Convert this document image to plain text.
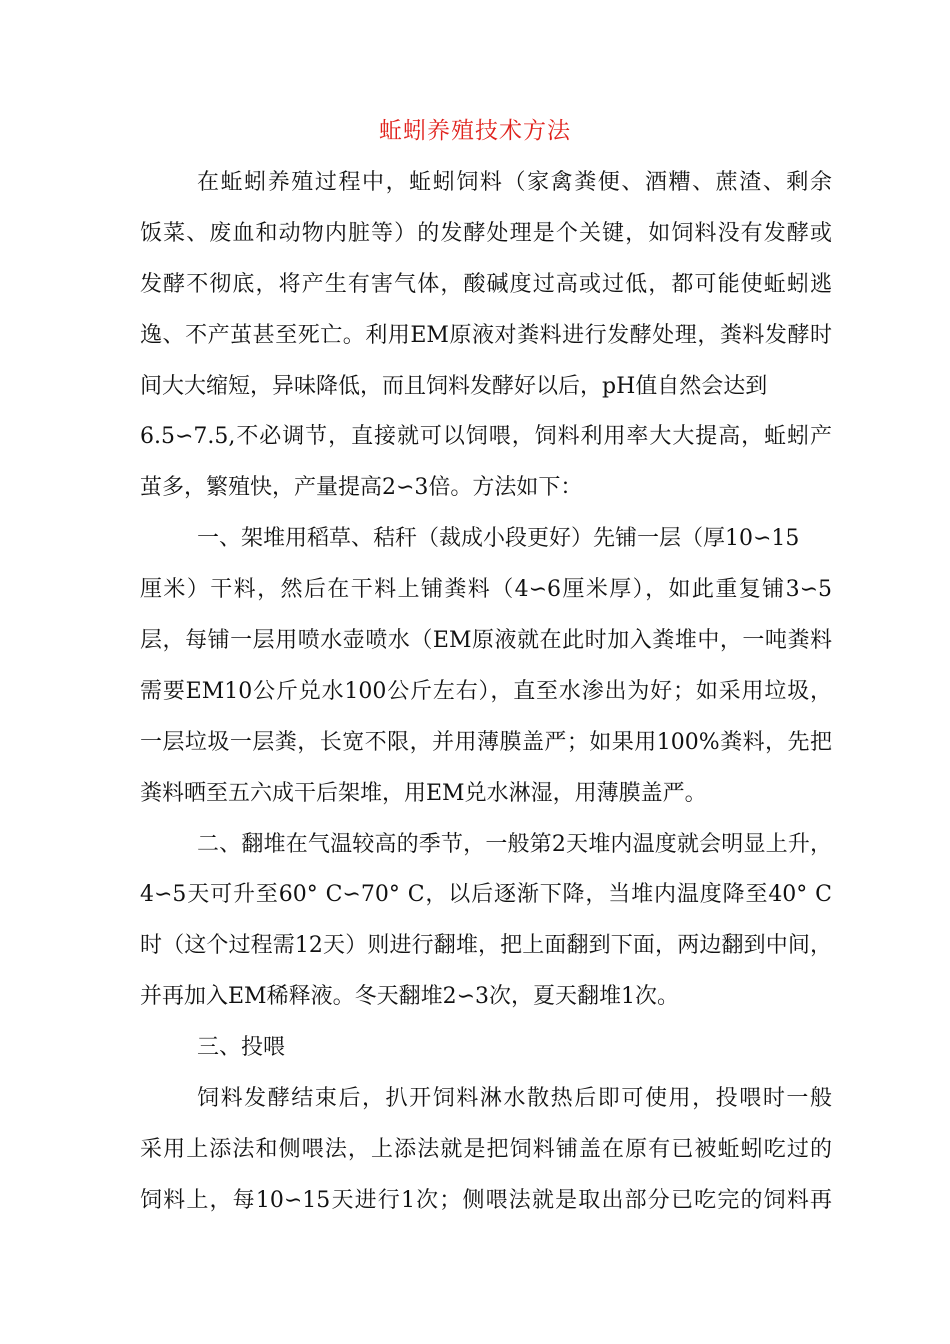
蚯蚓养殖技术方法
在蚯蚓养殖过程中，蚯蚓饲料（家禽粪便、酒糟、蔗渣、剩余
饭菜、废血和动物内脏等）的发酵处理是个关键，如饲料没有发酵或
发酵不彻底，将产生有害气体，酸碱度过高或过低，都可能使蚯蚓逃
逸、不产茧甚至死亡。利用EM原液对粪料进行发酵处理，粪料发酵时
间大大缩短，异味降低，而且饲料发酵好以后，pH值自然会达到
6.5∽7.5,不必调节，直接就可以饲喂，饲料利用率大大提高，蚯蚓产
茧多，繁殖快，产量提高2∽3倍。方法如下：
一、架堆用稻草、秸秆（裁成小段更好）先铺一层（厚10∽15
厘米）干料，然后在干料上铺粪料（4∽6厘米厚），如此重复铺3∽5
层，每铺一层用喷水壶喷水（EM原液就在此时加入粪堆中，一吨粪料
需要EM10公斤兑水100公斤左右），直至水渗出为好；如采用垃圾，
一层垃圾一层粪，长宽不限，并用薄膜盖严；如果用100%粪料，先把
粪料晒至五六成干后架堆，用EM兑水淋湿，用薄膜盖严。
二、翻堆在气温较高的季节，一般第2天堆内温度就会明显上升，
4∽5天可升至60° C∽70° C，以后逐渐下降，当堆内温度降至40° C
时（这个过程需12天）则进行翻堆，把上面翻到下面，两边翻到中间，
并再加入EM稀释液。冬天翻堆2∽3次，夏天翻堆1次。
三、投喂
饲料发酵结束后，扒开饲料淋水散热后即可使用，投喂时一般
采用上添法和侧喂法，上添法就是把饲料铺盖在原有已被蚯蚓吃过的
饲料上，每10∽15天进行1次；侧喂法就是取出部分已吃完的饲料再
